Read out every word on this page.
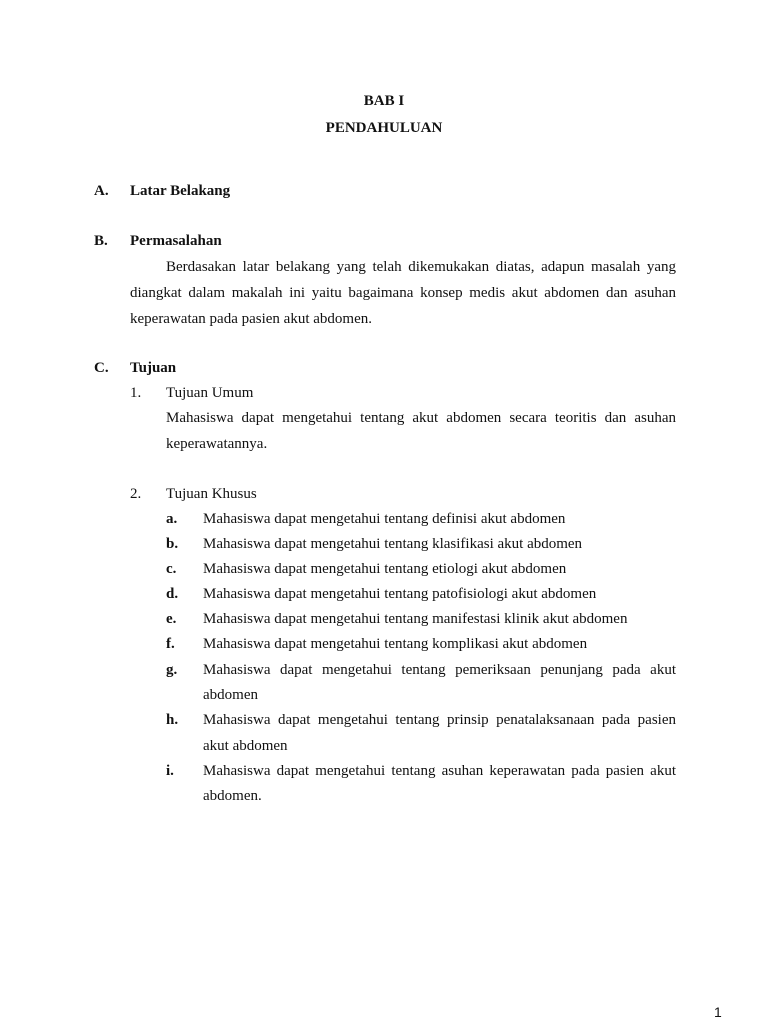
BAB I
PENDAHULUAN
A. Latar Belakang
B. Permasalahan
Berdasakan latar belakang yang telah dikemukakan diatas, adapun masalah yang
diangkat dalam makalah ini yaitu bagaimana konsep medis akut abdomen dan asuhan
keperawatan pada pasien akut abdomen.
C. Tujuan
1. Tujuan Umum
Mahasiswa dapat mengetahui tentang akut abdomen secara teoritis dan asuhan
keperawatannya.
2. Tujuan Khusus
a. Mahasiswa dapat mengetahui tentang definisi akut abdomen
b. Mahasiswa dapat mengetahui tentang klasifikasi akut abdomen
c. Mahasiswa dapat mengetahui tentang etiologi akut abdomen
d. Mahasiswa dapat mengetahui tentang patofisiologi akut abdomen
e. Mahasiswa dapat mengetahui tentang manifestasi klinik akut abdomen
f. Mahasiswa dapat mengetahui tentang komplikasi akut abdomen
g. Mahasiswa dapat mengetahui tentang pemeriksaan penunjang pada akut
abdomen
h. Mahasiswa dapat mengetahui tentang prinsip penatalaksanaan pada pasien
akut abdomen
i. Mahasiswa dapat mengetahui tentang asuhan keperawatan pada pasien akut
abdomen.
1
